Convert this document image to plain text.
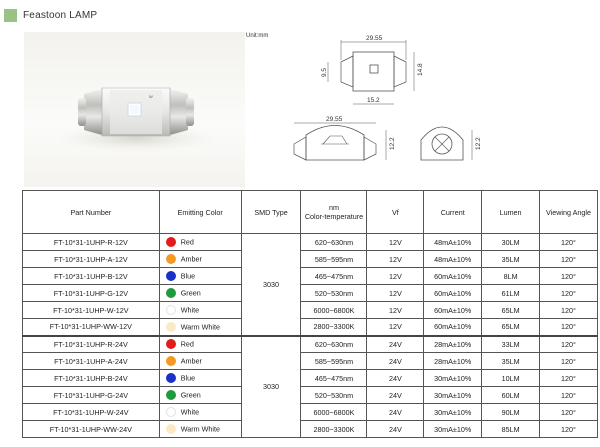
Feastoon LAMP
W
Unit:mm	29.55
9.5	14.8
15.2
29.55
12.2	12.2
Part Number	Emitting Color	SMD Type	nm
Color-temperature	Vf	Current	Lumen	Viewing Angle
FT-10*31-1UHP-R-12V	Red	3030	620~630nm	12V	48mA±10%	30LM	120°
FT-10*31-1UHP-A-12V	Amber		585~595nm	12V	48mA±10%	35LM	120°
FT-10*31-1UHP-B-12V	Blue		465~475nm	12V	60mA±10%	8LM	120°
FT-10*31-1UHP-G-12V	Green		520~530nm	12V	60mA±10%	61LM	120°
FT-10*31-1UHP-W-12V	White		6000~6800K	12V	60mA±10%	65LM	120°
FT-10*31-1UHP-WW-12V	Warm White		2800~3300K	12V	60mA±10%	65LM	120°
FT-10*31-1UHP-R-24V	Red	3030	620~630nm	24V	28mA±10%	33LM	120°
FT-10*31-1UHP-A-24V	Amber		585~595nm	24V	28mA±10%	35LM	120°
FT-10*31-1UHP-B-24V	Blue		465~475nm	24V	30mA±10%	10LM	120°
FT-10*31-1UHP-G-24V	Green		520~530nm	24V	30mA±10%	60LM	120°
FT-10*31-1UHP-W-24V	White		6000~6800K	24V	30mA±10%	90LM	120°
FT-10*31-1UHP-WW-24V	Warm White		2800~3300K	24V	30mA±10%	85LM	120°
